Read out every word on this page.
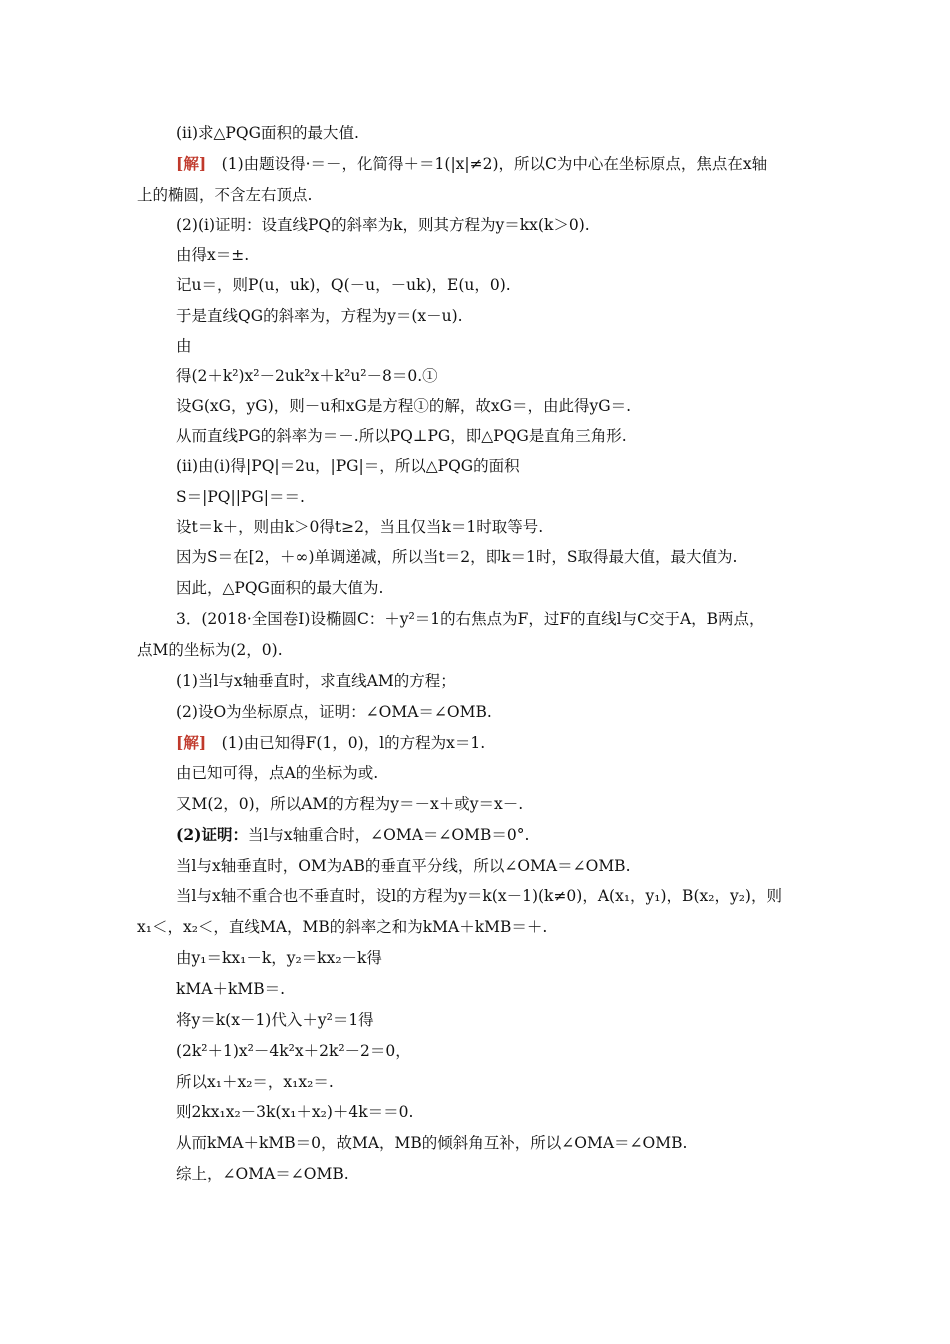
(ⅱ)求△PQG面积的最大值.
[解]　(1)由题设得·＝－，化简得＋＝1(|x|≠2)，所以C为中心在坐标原点，焦点在x轴
上的椭圆，不含左右顶点.
(2)(ⅰ)证明：设直线PQ的斜率为k，则其方程为y＝kx(k＞0).
由得x＝±.
记u＝，则P(u，uk)，Q(－u，－uk)，E(u，0).
于是直线QG的斜率为，方程为y＝(x－u).
由
得(2＋k²)x²－2uk²x＋k²u²－8＝0.①
设G(xG，yG)，则－u和xG是方程①的解，故xG＝，由此得yG＝.
从而直线PG的斜率为＝－.所以PQ⊥PG，即△PQG是直角三角形.
(ⅱ)由(ⅰ)得|PQ|＝2u，|PG|＝，所以△PQG的面积
S＝|PQ||PG|＝＝.
设t＝k＋，则由k＞0得t≥2，当且仅当k＝1时取等号.
因为S＝在[2，＋∞)单调递减，所以当t＝2，即k＝1时，S取得最大值，最大值为.
因此，△PQG面积的最大值为.
3．(2018·全国卷Ⅰ)设椭圆C：＋y²＝1的右焦点为F，过F的直线l与C交于A，B两点，
点M的坐标为(2，0).
(1)当l与x轴垂直时，求直线AM的方程；
(2)设O为坐标原点，证明：∠OMA＝∠OMB.
[解]　(1)由已知得F(1，0)，l的方程为x＝1.
由已知可得，点A的坐标为或.
又M(2，0)，所以AM的方程为y＝－x＋或y＝x－.
(2)证明：当l与x轴重合时，∠OMA＝∠OMB＝0°.
当l与x轴垂直时，OM为AB的垂直平分线，所以∠OMA＝∠OMB.
当l与x轴不重合也不垂直时，设l的方程为y＝k(x－1)(k≠0)，A(x₁，y₁)，B(x₂，y₂)，则
x₁＜，x₂＜，直线MA，MB的斜率之和为kMA＋kMB＝＋.
由y₁＝kx₁－k，y₂＝kx₂－k得
kMA＋kMB＝.
将y＝k(x－1)代入＋y²＝1得
(2k²＋1)x²－4k²x＋2k²－2＝0，
所以x₁＋x₂＝，x₁x₂＝.
则2kx₁x₂－3k(x₁＋x₂)＋4k＝＝0.
从而kMA＋kMB＝0，故MA，MB的倾斜角互补，所以∠OMA＝∠OMB.
综上，∠OMA＝∠OMB.
